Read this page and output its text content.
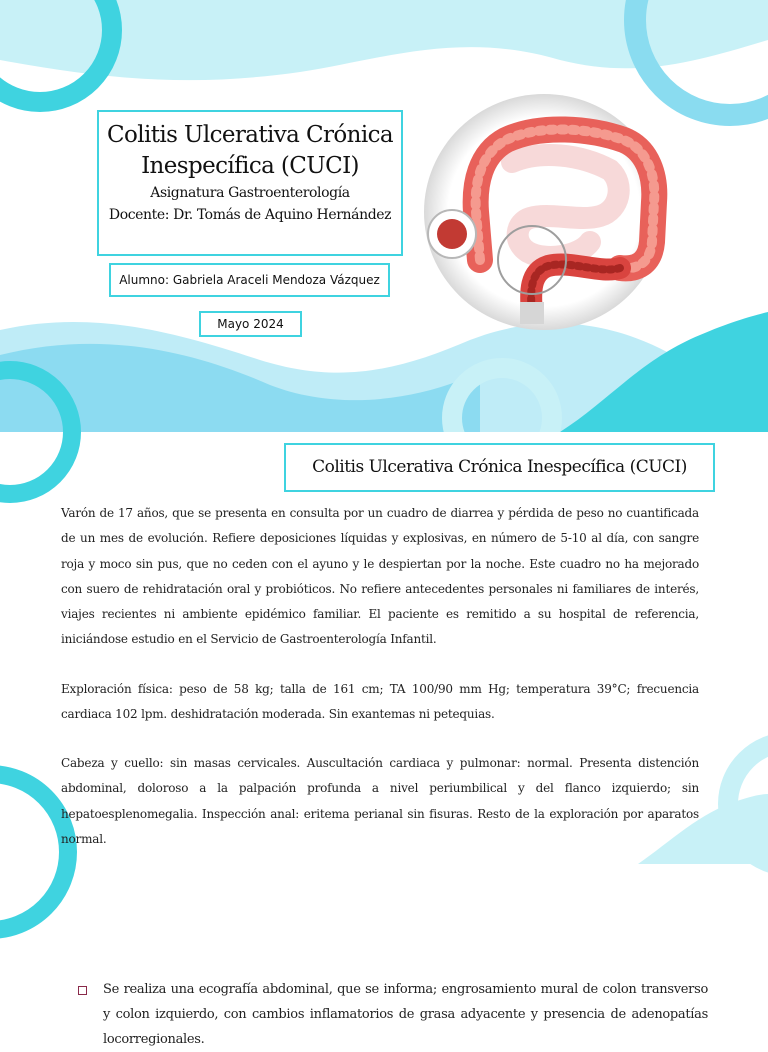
Colitis Ulcerativa Crónica Inespecífica (CUCI)
Asignatura Gastroenterología
Docente: Dr. Tomás de Aquino Hernández
Alumno: Gabriela Araceli Mendoza Vázquez
Mayo 2024
Colitis Ulcerativa Crónica Inespecífica (CUCI)

Varón de 17 años, que se presenta en consulta por un cuadro de diarrea y pérdida de peso no cuantificada de un mes de evolución. Refiere deposiciones líquidas y explosivas, en número de 5-10 al día, con sangre roja y moco sin pus, que no ceden con el ayuno y le despiertan por la noche. Este cuadro no ha mejorado con suero de rehidratación oral y probióticos. No refiere antecedentes personales ni familiares de interés, viajes recientes ni ambiente epidémico familiar. El paciente es remitido a su hospital de referencia, iniciándose estudio en el Servicio de Gastroenterología Infantil.

Exploración física: peso de 58 kg; talla de 161 cm; TA 100/90 mm Hg; temperatura 39°C; frecuencia cardiaca 102 lpm. deshidratación moderada. Sin exantemas ni petequias.

Cabeza y cuello: sin masas cervicales. Auscultación cardiaca y pulmonar: normal. Presenta distención abdominal, doloroso a la palpación profunda a nivel periumbilical y del flanco izquierdo; sin hepatoesplenomegalia. Inspección anal: eritema perianal sin fisuras. Resto de la exploración por aparatos normal.

Se realiza una ecografía abdominal, que se informa; engrosamiento mural de colon transverso y colon izquierdo, con cambios inflamatorios de grasa adyacente y presencia de adenopatías locorregionales.
